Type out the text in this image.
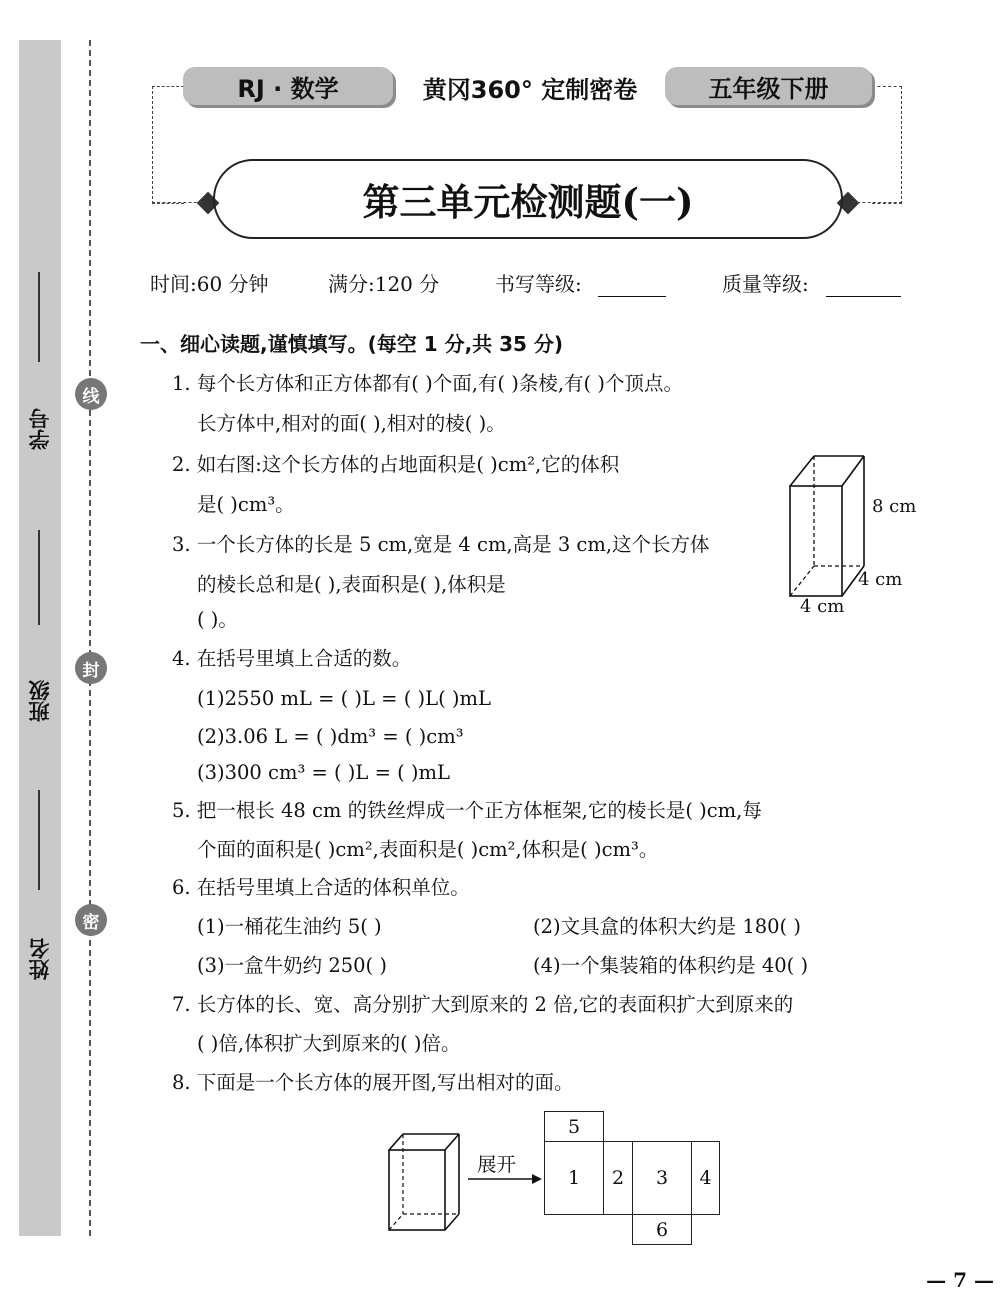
学号
班级
姓名
线
封
密
RJ · 数学	黄冈360° 定制密卷	五年级下册
第三单元检测题(一)
时间:60 分钟	满分:120 分	书写等级:	质量等级:
一、细心读题,谨慎填写。(每空 1 分,共 35 分)
1. 每个长方体和正方体都有( )个面,有( )条棱,有( )个顶点。
长方体中,相对的面( ),相对的棱( )。
2. 如右图:这个长方体的占地面积是( )cm²,它的体积
是( )cm³。
3. 一个长方体的长是 5 cm,宽是 4 cm,高是 3 cm,这个长方体
的棱长总和是( ),表面积是( ),体积是
( )。
8 cm
4 cm
4 cm
4. 在括号里填上合适的数。
(1)2550 mL = ( )L = ( )L( )mL
(2)3.06 L = ( )dm³ = ( )cm³
(3)300 cm³ = ( )L = ( )mL
5. 把一根长 48 cm 的铁丝焊成一个正方体框架,它的棱长是( )cm,每
个面的面积是( )cm²,表面积是( )cm²,体积是( )cm³。
6. 在括号里填上合适的体积单位。
(1)一桶花生油约 5( )	(2)文具盒的体积大约是 180( )
(3)一盒牛奶约 250( )	(4)一个集装箱的体积约是 40( )
7. 长方体的长、宽、高分别扩大到原来的 2 倍,它的表面积扩大到原来的
( )倍,体积扩大到原来的( )倍。
8. 下面是一个长方体的展开图,写出相对的面。
展开
5
1	2	3	4
6
— 7 —
